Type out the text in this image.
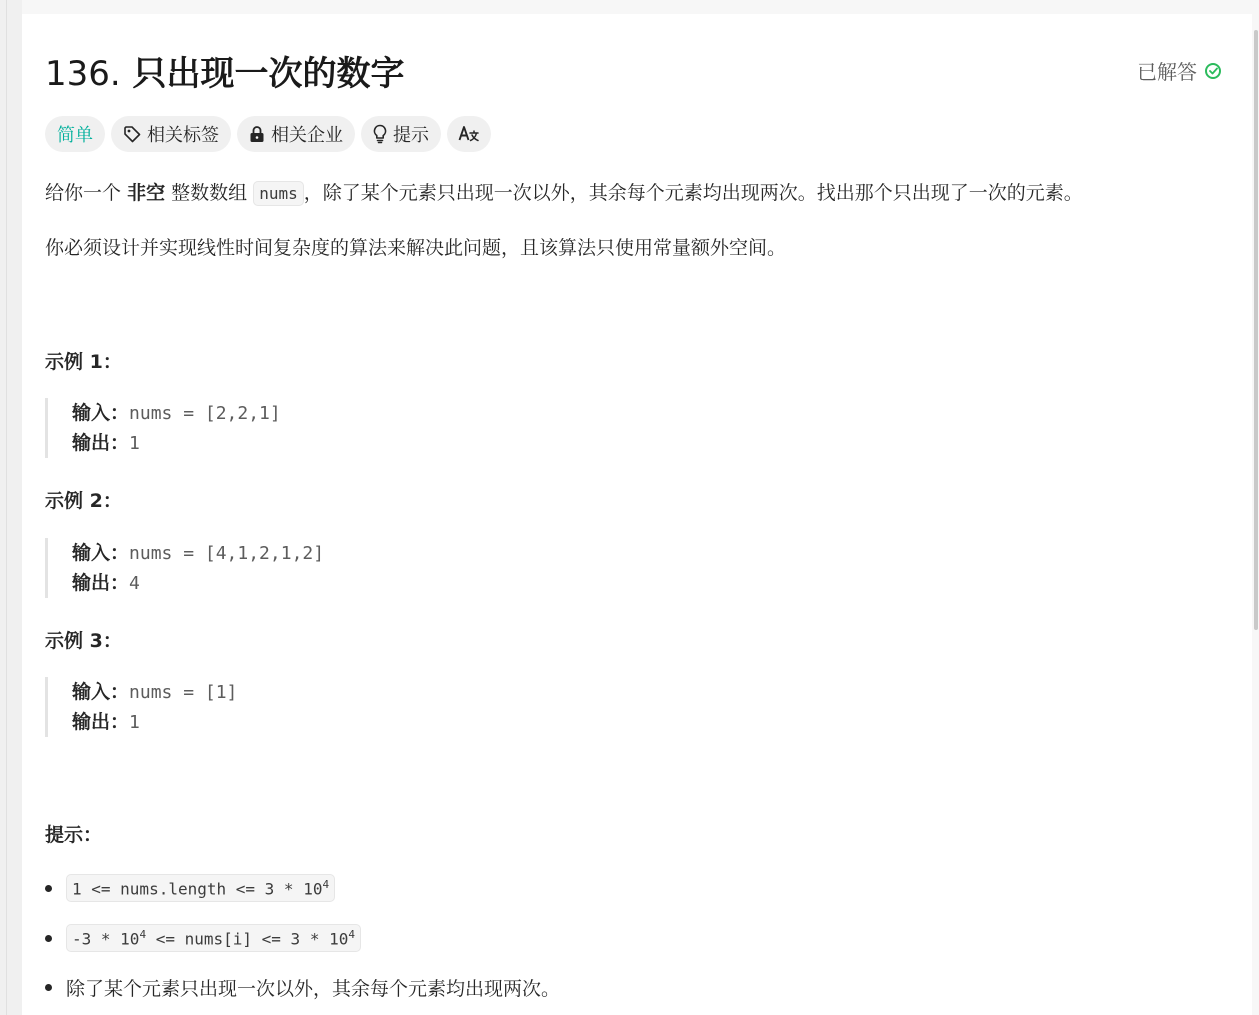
136. 只出现一次的数字	已解答
简单	相关标签	相关企业	提示
给你一个 非空 整数数组 nums ，除了某个元素只出现一次以外，其余每个元素均出现两次。找出那个只出现了一次的元素。
你必须设计并实现线性时间复杂度的算法来解决此问题，且该算法只使用常量额外空间。
示例 1：
输入：nums = [2,2,1]
输出：1
示例 2：
输入：nums = [4,1,2,1,2]
输出：4
示例 3：
输入：nums = [1]
输出：1
提示：
1 <= nums.length <= $3 * 10^4$
$-3 * 10^4$ <= nums[i] <= $3 * 10^4$
除了某个元素只出现一次以外，其余每个元素均出现两次。
